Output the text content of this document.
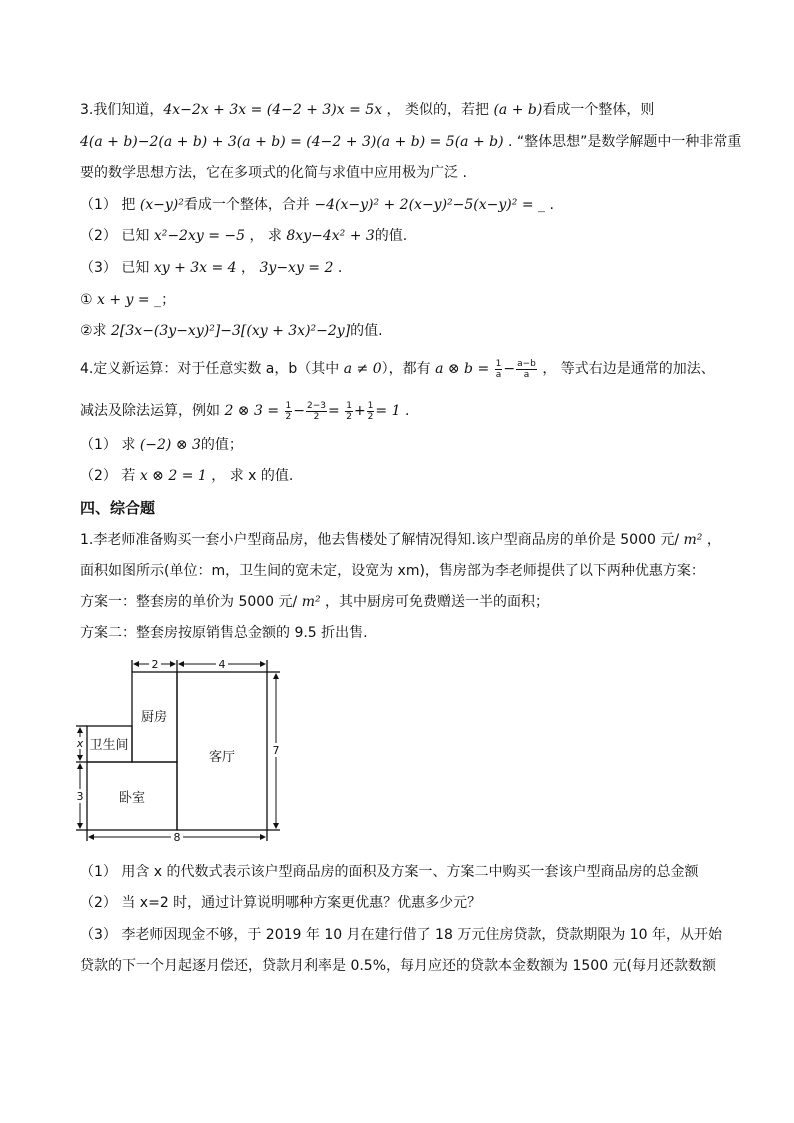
3.我们知道，4x−2x + 3x = (4−2 + 3)x = 5x ， 类似的，若把 (a + b)看成一个整体，则
4(a + b)−2(a + b) + 3(a + b) = (4−2 + 3)(a + b) = 5(a + b) . “整体思想”是数学解题中一种非常重
要的数学思想方法，它在多项式的化简与求值中应用极为广泛 .
（1） 把 (x−y)²看成一个整体，合并 −4(x−y)² + 2(x−y)²−5(x−y)² = _ .
（2） 已知 x²−2xy = −5 ， 求 8xy−4x² + 3的值.
（3） 已知 xy + 3x = 4 ， 3y−xy = 2 .
① x + y = _；
②求 2[3x−(3y−xy)²]−3[(xy + 3x)²−2y]的值.
4.定义新运算：对于任意实数 a，b（其中 a ≠ 0），都有 a ⊗ $b = \frac{1}{a} - \frac{a-b}{a}$ ， 等式右边是通常的加法、
减法及除法运算，例如 2 ⊗ $3 = \frac{1}{2} - \frac{2-3}{2} = \frac{1}{2} + \frac{1}{2} = 1$ .
（1） 求 (−2) ⊗ 3的值；
（2） 若 x ⊗ 2 = 1 ， 求 x 的值.
四、综合题
1.李老师准备购买一套小户型商品房，他去售楼处了解情况得知.该户型商品房的单价是 5000 元/ m² ，
面积如图所示(单位：m，卫生间的宽未定，设宽为 xm)，售房部为李老师提供了以下两种优惠方案：
方案一：整套房的单价为 5000 元/ m² ，其中厨房可免费赠送一半的面积；
方案二：整套房按原销售总金额的 9.5 折出售.
2	4
7
x
3
8
厨房
卫生间
客厅
卧室
（1） 用含 x 的代数式表示该户型商品房的面积及方案一、方案二中购买一套该户型商品房的总金额
（2） 当 x=2 时，通过计算说明哪种方案更优惠？优惠多少元？
（3） 李老师因现金不够，于 2019 年 10 月在建行借了 18 万元住房贷款，贷款期限为 10 年，从开始
贷款的下一个月起逐月偿还，贷款月利率是 0.5%，每月应还的贷款本金数额为 1500 元(每月还款数额
